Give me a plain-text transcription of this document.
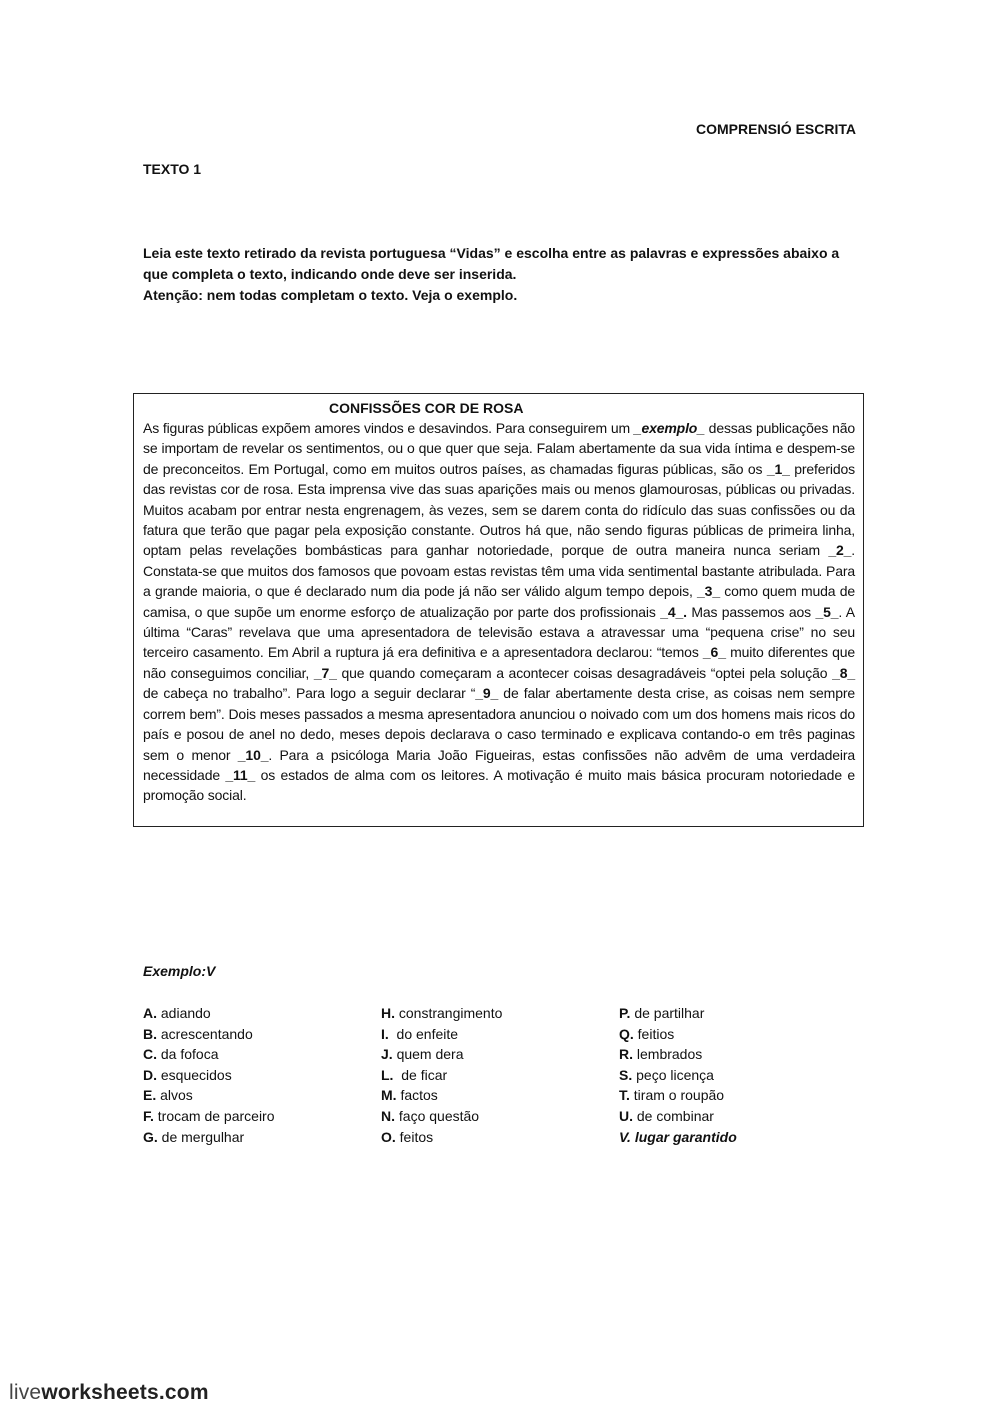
COMPRENSIÓ ESCRITA
TEXTO 1

Leia este texto retirado da revista portuguesa “Vidas” e escolha entre as palavras e expressões abaixo a que completa o texto, indicando onde deve ser inserida.

Atenção: nem todas completam o texto. Veja o exemplo.

CONFISSÕES COR DE ROSA
As figuras públicas expõem amores vindos e desavindos. Para conseguirem um _exemplo_ dessas publicações não se importam de revelar os sentimentos, ou o que quer que seja. Falam abertamente da sua vida íntima e despem-se de preconceitos. Em Portugal, como em muitos outros países, as chamadas figuras públicas, são os _1_ preferidos das revistas cor de rosa. Esta imprensa vive das suas aparições mais ou menos glamourosas, públicas ou privadas. Muitos acabam por entrar nesta engrenagem, às vezes, sem se darem conta do ridículo das suas confissões ou da fatura que terão que pagar pela exposição constante. Outros há que, não sendo figuras públicas de primeira linha, optam pelas revelações bombásticas para ganhar notoriedade, porque de outra maneira nunca seriam _2_. Constata-se que muitos dos famosos que povoam estas revistas têm uma vida sentimental bastante atribulada. Para a grande maioria, o que é declarado num dia pode já não ser válido algum tempo depois, _3_ como quem muda de camisa, o que supõe um enorme esforço de atualização por parte dos profissionais _4_. Mas passemos aos _5_. A última “Caras” revelava que uma apresentadora de televisão estava a atravessar uma “pequena crise” no seu terceiro casamento. Em Abril a ruptura já era definitiva e a apresentadora declarou: “temos _6_ muito diferentes que não conseguimos conciliar, _7_ que quando começaram a acontecer coisas desagradáveis “optei pela solução _8_ de cabeça no trabalho”. Para logo a seguir declarar “_9_ de falar abertamente desta crise, as coisas nem sempre correm bem”. Dois meses passados a mesma apresentadora anunciou o noivado com um dos homens mais ricos do país e posou de anel no dedo, meses depois declarava o caso terminado e explicava contando-o em três paginas sem o menor _10_. Para a psicóloga Maria João Figueiras, estas confissões não advêm de uma verdadeira necessidade _11_ os estados de alma com os leitores. A motivação é muito mais básica procuram notoriedade e promoção social.
Exemplo:V
A. adiando
B. acrescentando
C. da fofoca
D. esquecidos
E. alvos
F. trocam de parceiro
G. de mergulhar
H. constrangimento
I.  do enfeite
J. quem dera
L.  de ficar
M. factos
N. faço questão
O. feitos
P. de partilhar
Q. feitios
R. lembrados
S. peço licença
T. tiram o roupão
U. de combinar
V. lugar garantido
liveworksheets.com
